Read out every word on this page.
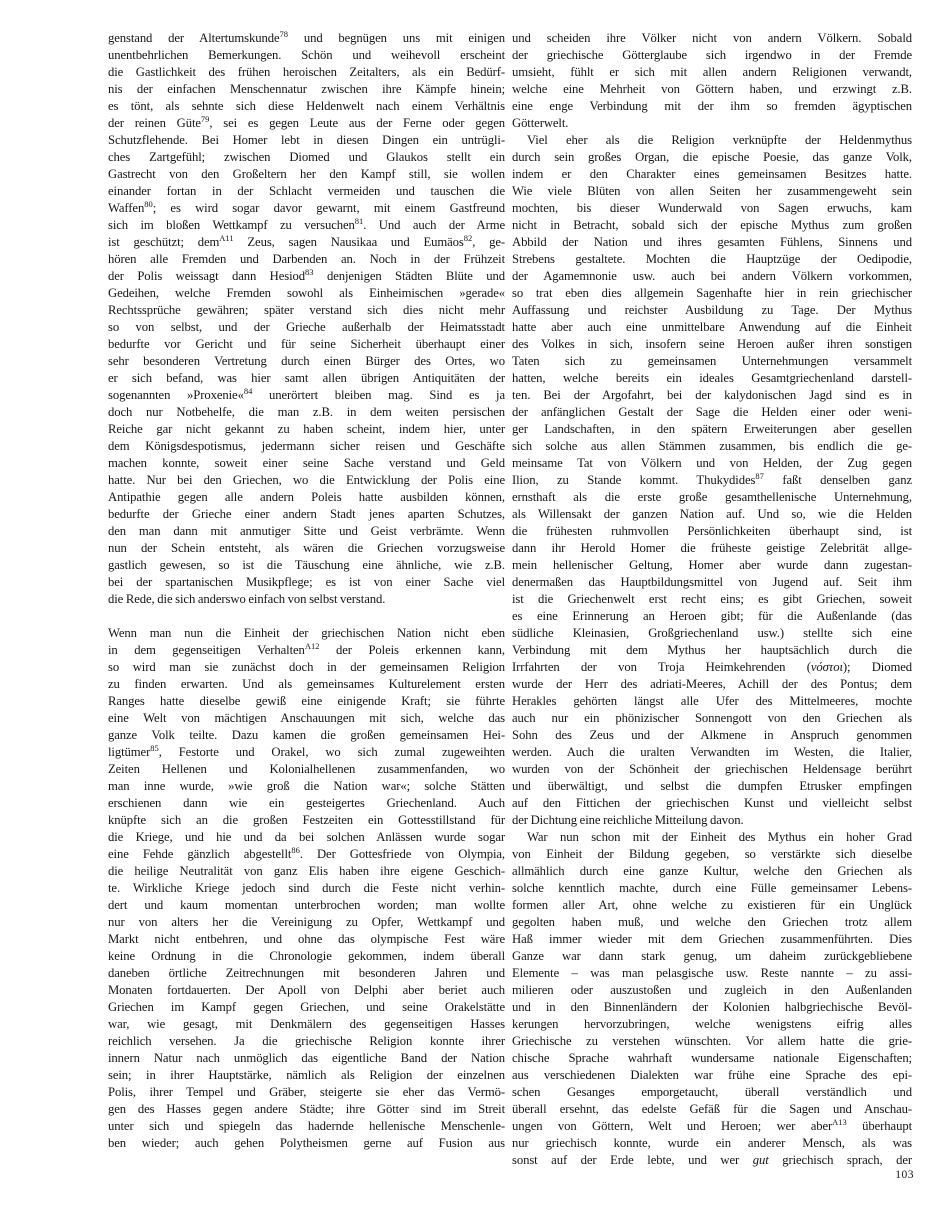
genstand der Altertumskunde$^{78}$ und begnügen uns mit einigen
unentbehrlichen Bemerkungen. Schön und weihevoll erscheint
die Gastlichkeit des frühen heroischen Zeitalters, als ein Bedürf-
nis der einfachen Menschennatur zwischen ihre Kämpfe hinein;
es tönt, als sehnte sich diese Heldenwelt nach einem Verhältnis
der reinen Güte$^{79}$, sei es gegen Leute aus der Ferne oder gegen
Schutzflehende. Bei Homer lebt in diesen Dingen ein untrügli-
ches Zartgefühl; zwischen Diomed und Glaukos stellt ein
Gastrecht von den Großeltern her den Kampf still, sie wollen
einander fortan in der Schlacht vermeiden und tauschen die
Waffen$^{80}$; es wird sogar davor gewarnt, mit einem Gastfreund
sich im bloßen Wettkampf zu versuchen$^{81}$. Und auch der Arme
ist geschützt; dem$^{A11}$ Zeus, sagen Nausikaa und Eumäos$^{82}$, ge-
hören alle Fremden und Darbenden an. Noch in der Frühzeit
der Polis weissagt dann Hesiod$^{83}$ denjenigen Städten Blüte und
Gedeihen, welche Fremden sowohl als Einheimischen »gerade«
Rechtssprüche gewähren; später verstand sich dies nicht mehr
so von selbst, und der Grieche außerhalb der Heimatsstadt
bedurfte vor Gericht und für seine Sicherheit überhaupt einer
sehr besonderen Vertretung durch einen Bürger des Ortes, wo
er sich befand, was hier samt allen übrigen Antiquitäten der
sogenannten »Proxenie«$^{84}$ unerörtert bleiben mag. Sind es ja
doch nur Notbehelfe, die man z.B. in dem weiten persischen
Reiche gar nicht gekannt zu haben scheint, indem hier, unter
dem Königsdespotismus, jedermann sicher reisen und Geschäfte
machen konnte, soweit einer seine Sache verstand und Geld
hatte. Nur bei den Griechen, wo die Entwicklung der Polis eine
Antipathie gegen alle andern Poleis hatte ausbilden können,
bedurfte der Grieche einer andern Stadt jenes aparten Schutzes,
den man dann mit anmutiger Sitte und Geist verbrämte. Wenn
nun der Schein entsteht, als wären die Griechen vorzugsweise
gastlich gewesen, so ist die Täuschung eine ähnliche, wie z.B.
bei der spartanischen Musikpflege; es ist von einer Sache viel
die Rede, die sich anderswo einfach von selbst verstand.
Wenn man nun die Einheit der griechischen Nation nicht eben
in dem gegenseitigen Verhalten$^{A12}$ der Poleis erkennen kann,
so wird man sie zunächst doch in der gemeinsamen Religion
zu finden erwarten. Und als gemeinsames Kulturelement ersten
Ranges hatte dieselbe gewiß eine einigende Kraft; sie führte
eine Welt von mächtigen Anschauungen mit sich, welche das
ganze Volk teilte. Dazu kamen die großen gemeinsamen Hei-
ligtümer$^{85}$, Festorte und Orakel, wo sich zumal zugeweihten
Zeiten Hellenen und Kolonialhellenen zusammenfanden, wo
man inne wurde, »wie groß die Nation war«; solche Stätten
erschienen dann wie ein gesteigertes Griechenland. Auch
knüpfte sich an die großen Festzeiten ein Gottesstillstand für
die Kriege, und hie und da bei solchen Anlässen wurde sogar
eine Fehde gänzlich abgestellt$^{86}$. Der Gottesfriede von Olympia,
die heilige Neutralität von ganz Elis haben ihre eigene Geschich-
te. Wirkliche Kriege jedoch sind durch die Feste nicht verhin-
dert und kaum momentan unterbrochen worden; man wollte
nur von alters her die Vereinigung zu Opfer, Wettkampf und
Markt nicht entbehren, und ohne das olympische Fest wäre
keine Ordnung in die Chronologie gekommen, indem überall
daneben örtliche Zeitrechnungen mit besonderen Jahren und
Monaten fortdauerten. Der Apoll von Delphi aber beriet auch
Griechen im Kampf gegen Griechen, und seine Orakelstätte
war, wie gesagt, mit Denkmälern des gegenseitigen Hasses
reichlich versehen. Ja die griechische Religion konnte ihrer
innern Natur nach unmöglich das eigentliche Band der Nation
sein; in ihrer Hauptstärke, nämlich als Religion der einzelnen
Polis, ihrer Tempel und Gräber, steigerte sie eher das Vermö-
gen des Hasses gegen andere Städte; ihre Götter sind im Streit
unter sich und spiegeln das hadernde hellenische Menschenle-
ben wieder; auch gehen Polytheismen gerne auf Fusion aus
und scheiden ihre Völker nicht von andern Völkern. Sobald
der griechische Götterglaube sich irgendwo in der Fremde
umsieht, fühlt er sich mit allen andern Religionen verwandt,
welche eine Mehrheit von Göttern haben, und erzwingt z.B.
eine enge Verbindung mit der ihm so fremden ägyptischen
Götterwelt.
Viel eher als die Religion verknüpfte der Heldenmythus
durch sein großes Organ, die epische Poesie, das ganze Volk,
indem er den Charakter eines gemeinsamen Besitzes hatte.
Wie viele Blüten von allen Seiten her zusammengeweht sein
mochten, bis dieser Wunderwald von Sagen erwuchs, kam
nicht in Betracht, sobald sich der epische Mythus zum großen
Abbild der Nation und ihres gesamten Fühlens, Sinnens und
Strebens gestaltete. Mochten die Hauptzüge der Oedipodie,
der Agamemnonie usw. auch bei andern Völkern vorkommen,
so trat eben dies allgemein Sagenhafte hier in rein griechischer
Auffassung und reichster Ausbildung zu Tage. Der Mythus
hatte aber auch eine unmittelbare Anwendung auf die Einheit
des Volkes in sich, insofern seine Heroen außer ihren sonstigen
Taten sich zu gemeinsamen Unternehmungen versammelt
hatten, welche bereits ein ideales Gesamtgriechenland darstell-
ten. Bei der Argofahrt, bei der kalydonischen Jagd sind es in
der anfänglichen Gestalt der Sage die Helden einer oder weni-
ger Landschaften, in den spätern Erweiterungen aber gesellen
sich solche aus allen Stämmen zusammen, bis endlich die ge-
meinsame Tat von Völkern und von Helden, der Zug gegen
Ilion, zu Stande kommt. Thukydides$^{87}$ faßt denselben ganz
ernsthaft als die erste große gesamthellenische Unternehmung,
als Willensakt der ganzen Nation auf. Und so, wie die Helden
die frühesten ruhmvollen Persönlichkeiten überhaupt sind, ist
dann ihr Herold Homer die früheste geistige Zelebrität allge-
mein hellenischer Geltung, Homer aber wurde dann zugestan-
denermaßen das Hauptbildungsmittel von Jugend auf. Seit ihm
ist die Griechenwelt erst recht eins; es gibt Griechen, soweit
es eine Erinnerung an Heroen gibt; für die Außenlande (das
südliche Kleinasien, Großgriechenland usw.) stellte sich eine
Verbindung mit dem Mythus her hauptsächlich durch die
Irrfahrten der von Troja Heimkehrenden (νόστοι); Diomed
wurde der Herr des adriati-Meeres, Achill der des Pontus; dem
Herakles gehörten längst alle Ufer des Mittelmeeres, mochte
auch nur ein phönizischer Sonnengott von den Griechen als
Sohn des Zeus und der Alkmene in Anspruch genommen
werden. Auch die uralten Verwandten im Westen, die Italier,
wurden von der Schönheit der griechischen Heldensage berührt
und überwältigt, und selbst die dumpfen Etrusker empfingen
auf den Fittichen der griechischen Kunst und vielleicht selbst
der Dichtung eine reichliche Mitteilung davon.
War nun schon mit der Einheit des Mythus ein hoher Grad
von Einheit der Bildung gegeben, so verstärkte sich dieselbe
allmählich durch eine ganze Kultur, welche den Griechen als
solche kenntlich machte, durch eine Fülle gemeinsamer Lebens-
formen aller Art, ohne welche zu existieren für ein Unglück
gegolten haben muß, und welche den Griechen trotz allem
Haß immer wieder mit dem Griechen zusammenführten. Dies
Ganze war dann stark genug, um daheim zurückgebliebene
Elemente – was man pelasgische usw. Reste nannte – zu assi-
milieren oder auszustoßen und zugleich in den Außenlanden
und in den Binnenländern der Kolonien halbgriechische Bevöl-
kerungen hervorzubringen, welche wenigstens eifrig alles
Griechische zu verstehen wünschten. Vor allem hatte die grie-
chische Sprache wahrhaft wundersame nationale Eigenschaften;
aus verschiedenen Dialekten war frühe eine Sprache des epi-
schen Gesanges emporgetaucht, überall verständlich und
überall ersehnt, das edelste Gefäß für die Sagen und Anschau-
ungen von Göttern, Welt und Heroen; wer aber$^{A13}$ überhaupt
nur griechisch konnte, wurde ein anderer Mensch, als was
sonst auf der Erde lebte, und wer gut griechisch sprach, der
103
